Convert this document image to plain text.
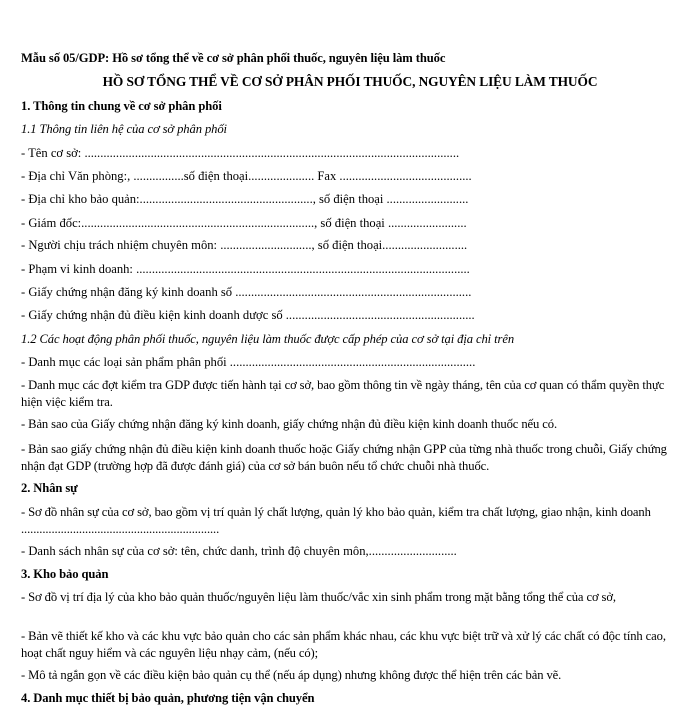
Mẫu số 05/GDP: Hồ sơ tổng thể về cơ sở phân phối thuốc, nguyên liệu làm thuốc
HỒ SƠ TỔNG THỂ VỀ CƠ SỞ PHÂN PHỐI THUỐC, NGUYÊN LIỆU LÀM THUỐC
1. Thông tin chung về cơ sở phân phối
1.1 Thông tin liên hệ của cơ sở phân phối
- Tên cơ sở: .......................................................................................................................
- Địa chỉ Văn phòng:, ................số điện thoại..................... Fax ..........................................
- Địa chỉ kho bảo quản:......................................................., số điện thoại ..........................
- Giám đốc:.........................................................................., số điện thoại .........................
- Người chịu trách nhiệm chuyên môn: ............................., số điện thoại...........................
- Phạm vi kinh doanh: ..........................................................................................................
- Giấy chứng nhận đăng ký kinh doanh số ...........................................................................
- Giấy chứng nhận đủ điều kiện kinh doanh dược số ............................................................
1.2 Các hoạt động phân phối thuốc, nguyên liệu làm thuốc được cấp phép của cơ sở tại địa chỉ trên
- Danh mục các loại sản phẩm phân phối ..............................................................................
- Danh mục các đợt kiểm tra GDP được tiến hành tại cơ sở, bao gồm thông tin về ngày tháng, tên của cơ quan có thẩm quyền thực hiện việc kiểm tra.
- Bản sao của Giấy chứng nhận đăng ký kinh doanh, giấy chứng nhận đủ điều kiện kinh doanh thuốc nếu có.
- Bản sao giấy chứng nhận đủ điều kiện kinh doanh thuốc hoặc Giấy chứng nhận GPP của từng nhà thuốc trong chuỗi, Giấy chứng nhận đạt GDP (trường hợp đã được đánh giá) của cơ sở bán buôn nếu tổ chức chuỗi nhà thuốc.
2. Nhân sự
- Sơ đồ nhân sự của cơ sở, bao gồm vị trí quản lý chất lượng, quản lý kho bảo quản, kiểm tra chất lượng, giao nhận, kinh doanh .................................................................
- Danh sách nhân sự của cơ sở: tên, chức danh, trình độ chuyên môn,............................
3. Kho bảo quản
- Sơ đồ vị trí địa lý của kho bảo quản thuốc/nguyên liệu làm thuốc/vắc xin sinh phẩm trong mặt bằng tổng thể của cơ sở,
- Bản vẽ thiết kế kho và các khu vực bảo quản cho các sản phẩm khác nhau, các khu vực biệt trữ và xử lý các chất có độc tính cao, hoạt chất nguy hiểm và các nguyên liệu nhạy cảm, (nếu có);
- Mô tả ngắn gọn về các điều kiện bảo quản cụ thể (nếu áp dụng) nhưng không được thể hiện trên các bản vẽ.
4. Danh mục thiết bị bảo quản, phương tiện vận chuyển
